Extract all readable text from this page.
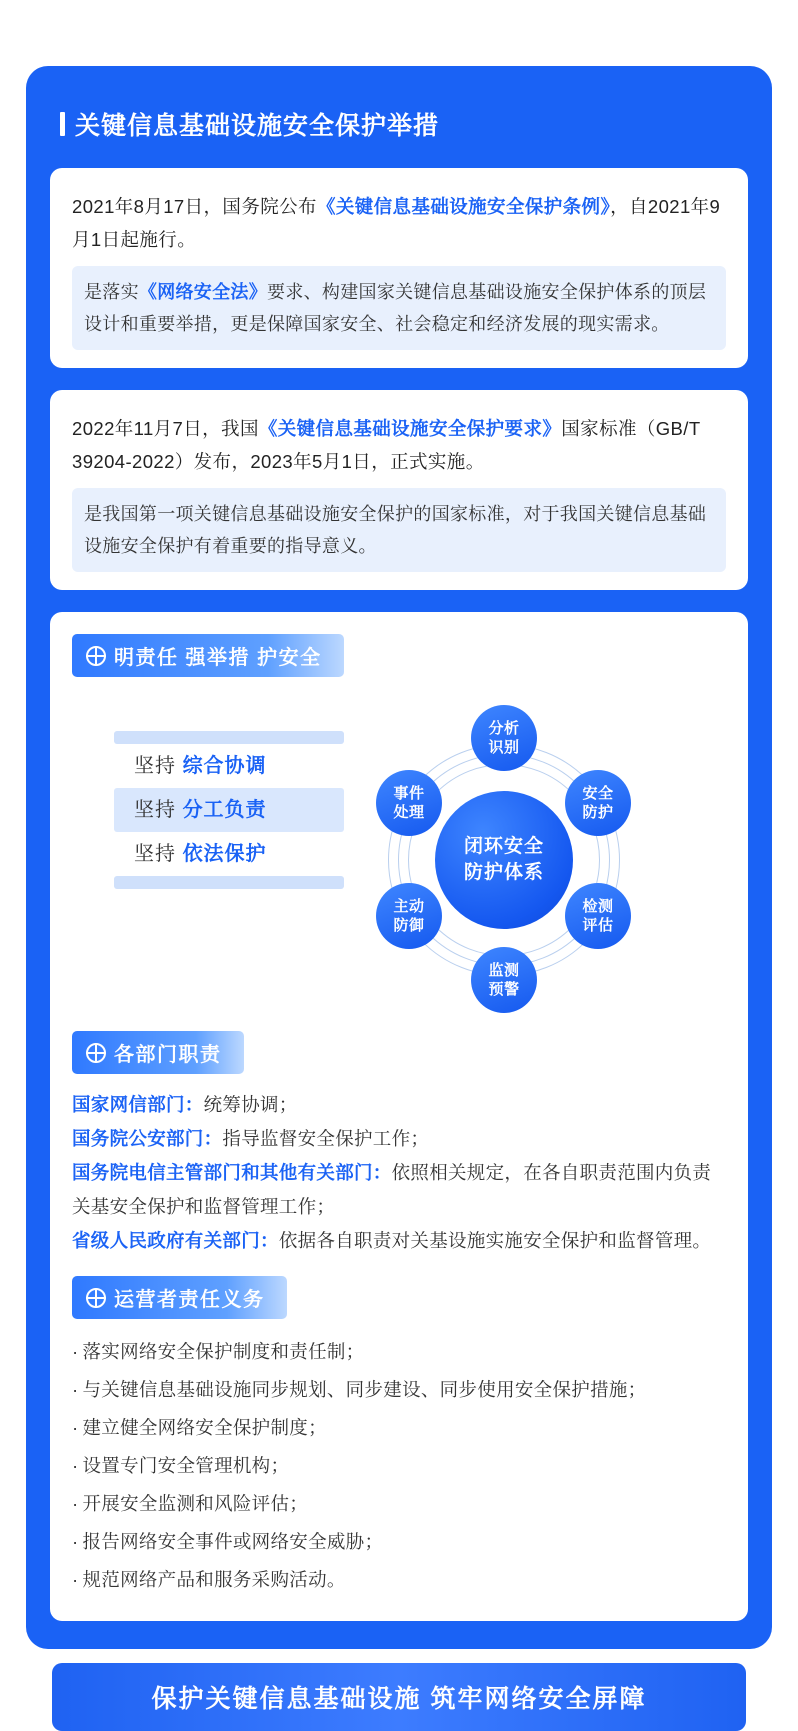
关键信息基础设施安全保护举措
2021年8月17日，国务院公布《关键信息基础设施安全保护条例》，自2021年9月1日起施行。
是落实《网络安全法》要求、构建国家关键信息基础设施安全保护体系的顶层设计和重要举措，更是保障国家安全、社会稳定和经济发展的现实需求。
2022年11月7日，我国《关键信息基础设施安全保护要求》国家标准（GB/T 39204-2022）发布，2023年5月1日，正式实施。
是我国第一项关键信息基础设施安全保护的国家标准，对于我国关键信息基础设施安全保护有着重要的指导意义。
明责任 强举措 护安全
坚持 综合协调
坚持 分工负责
坚持 依法保护	闭环安全
防护体系
分析
识别
安全
防护
检测
评估
监测
预警
主动
防御
事件
处理
各部门职责
国家网信部门：统筹协调；
国务院公安部门：指导监督安全保护工作；
国务院电信主管部门和其他有关部门：依照相关规定，在各自职责范围内负责关基安全保护和监督管理工作；
省级人民政府有关部门：依据各自职责对关基设施实施安全保护和监督管理。
运营者责任义务
· 落实网络安全保护制度和责任制；
· 与关键信息基础设施同步规划、同步建设、同步使用安全保护措施；
· 建立健全网络安全保护制度；
· 设置专门安全管理机构；
· 开展安全监测和风险评估；
· 报告网络安全事件或网络安全威胁；
· 规范网络产品和服务采购活动。
保护关键信息基础设施 筑牢网络安全屏障
